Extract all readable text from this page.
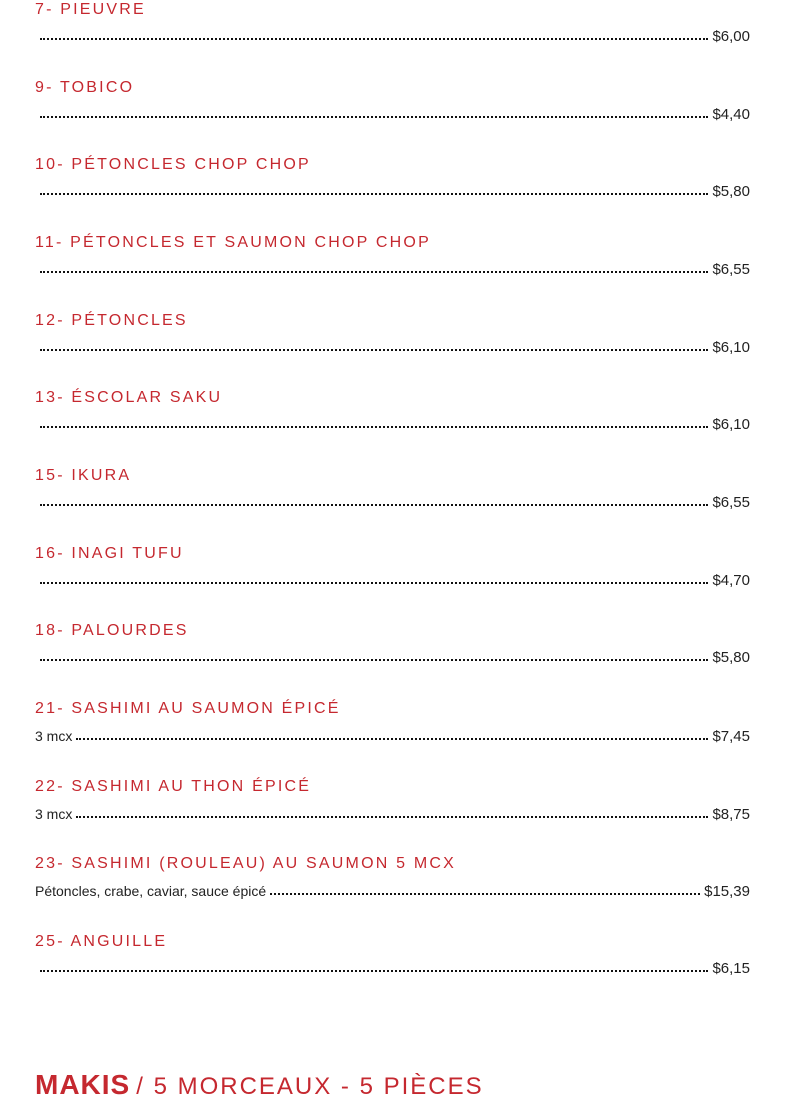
7- PIEUVRE
$6,00
9- TOBICO
$4,40
10- PÉTONCLES CHOP CHOP
$5,80
11- PÉTONCLES ET SAUMON CHOP CHOP
$6,55
12- PÉTONCLES
$6,10
13- ÉSCOLAR SAKU
$6,10
15- IKURA
$6,55
16- INAGI TUFU
$4,70
18- PALOURDES
$5,80
21- SASHIMI AU SAUMON ÉPICÉ
3 mcx	$7,45
22- SASHIMI AU THON ÉPICÉ
3 mcx	$8,75
23- SASHIMI (ROULEAU) AU SAUMON 5 MCX
Pétoncles, crabe, caviar, sauce épicé	$15,39
25- ANGUILLE
$6,15
MAKIS / 5 MORCEAUX - 5 PIÈCES
